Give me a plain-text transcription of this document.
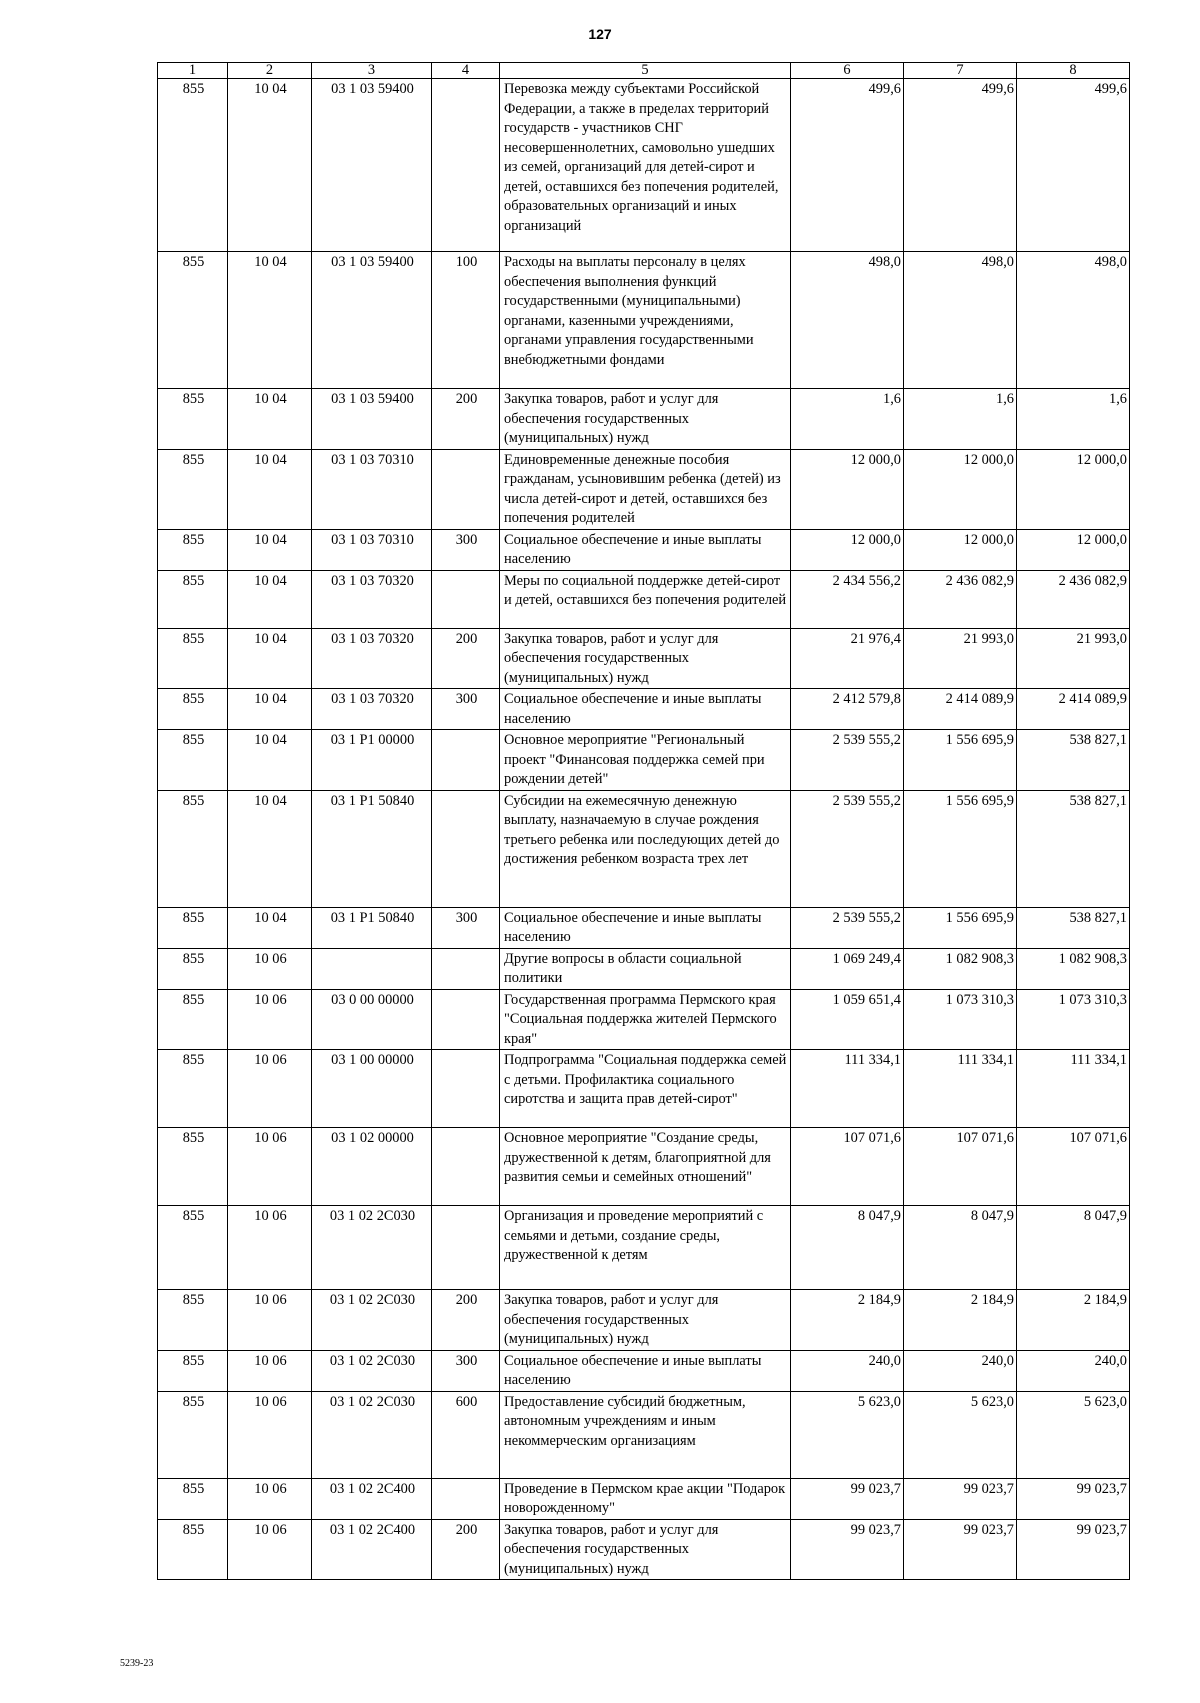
127
1	2	3	4	5	6	7	8
855	10 04	03 1 03 59400		Перевозка между субъектами Российской Федерации, а также в пределах территорий государств - участников СНГ несовершеннолетних, самовольно ушедших из семей, организаций для детей-сирот и детей, оставшихся без попечения родителей, образовательных организаций и иных организаций	499,6	499,6	499,6
855	10 04	03 1 03 59400	100	Расходы на выплаты персоналу в целях обеспечения выполнения функций государственными (муниципальными) органами, казенными учреждениями, органами управления государственными внебюджетными фондами	498,0	498,0	498,0
855	10 04	03 1 03 59400	200	Закупка товаров, работ и услуг для обеспечения государственных (муниципальных) нужд	1,6	1,6	1,6
855	10 04	03 1 03 70310		Единовременные денежные пособия гражданам, усыновившим ребенка (детей) из числа детей-сирот и детей, оставшихся без попечения родителей	12 000,0	12 000,0	12 000,0
855	10 04	03 1 03 70310	300	Социальное обеспечение и иные выплаты населению	12 000,0	12 000,0	12 000,0
855	10 04	03 1 03 70320		Меры по социальной поддержке детей-сирот и детей, оставшихся без попечения родителей	2 434 556,2	2 436 082,9	2 436 082,9
855	10 04	03 1 03 70320	200	Закупка товаров, работ и услуг для обеспечения государственных (муниципальных) нужд	21 976,4	21 993,0	21 993,0
855	10 04	03 1 03 70320	300	Социальное обеспечение и иные выплаты населению	2 412 579,8	2 414 089,9	2 414 089,9
855	10 04	03 1 P1 00000		Основное мероприятие "Региональный проект "Финансовая поддержка семей при рождении детей"	2 539 555,2	1 556 695,9	538 827,1
855	10 04	03 1 P1 50840		Субсидии на ежемесячную денежную выплату, назначаемую в случае рождения третьего ребенка или последующих детей до достижения ребенком возраста трех лет	2 539 555,2	1 556 695,9	538 827,1
855	10 04	03 1 P1 50840	300	Социальное обеспечение и иные выплаты населению	2 539 555,2	1 556 695,9	538 827,1
855	10 06			Другие вопросы в области социальной политики	1 069 249,4	1 082 908,3	1 082 908,3
855	10 06	03 0 00 00000		Государственная программа Пермского края "Социальная поддержка жителей Пермского края"	1 059 651,4	1 073 310,3	1 073 310,3
855	10 06	03 1 00 00000		Подпрограмма "Социальная поддержка семей с детьми. Профилактика социального сиротства и защита прав детей-сирот"	111 334,1	111 334,1	111 334,1
855	10 06	03 1 02 00000		Основное мероприятие "Создание среды, дружественной к детям, благоприятной для развития семьи и семейных отношений"	107 071,6	107 071,6	107 071,6
855	10 06	03 1 02 2С030		Организация и проведение мероприятий с семьями и детьми, создание среды, дружественной к детям	8 047,9	8 047,9	8 047,9
855	10 06	03 1 02 2С030	200	Закупка товаров, работ и услуг для обеспечения государственных (муниципальных) нужд	2 184,9	2 184,9	2 184,9
855	10 06	03 1 02 2С030	300	Социальное обеспечение и иные выплаты населению	240,0	240,0	240,0
855	10 06	03 1 02 2С030	600	Предоставление субсидий бюджетным, автономным учреждениям и иным некоммерческим организациям	5 623,0	5 623,0	5 623,0
855	10 06	03 1 02 2С400		Проведение в Пермском крае акции "Подарок новорожденному"	99 023,7	99 023,7	99 023,7
855	10 06	03 1 02 2С400	200	Закупка товаров, работ и услуг для обеспечения государственных (муниципальных) нужд	99 023,7	99 023,7	99 023,7
5239-23
